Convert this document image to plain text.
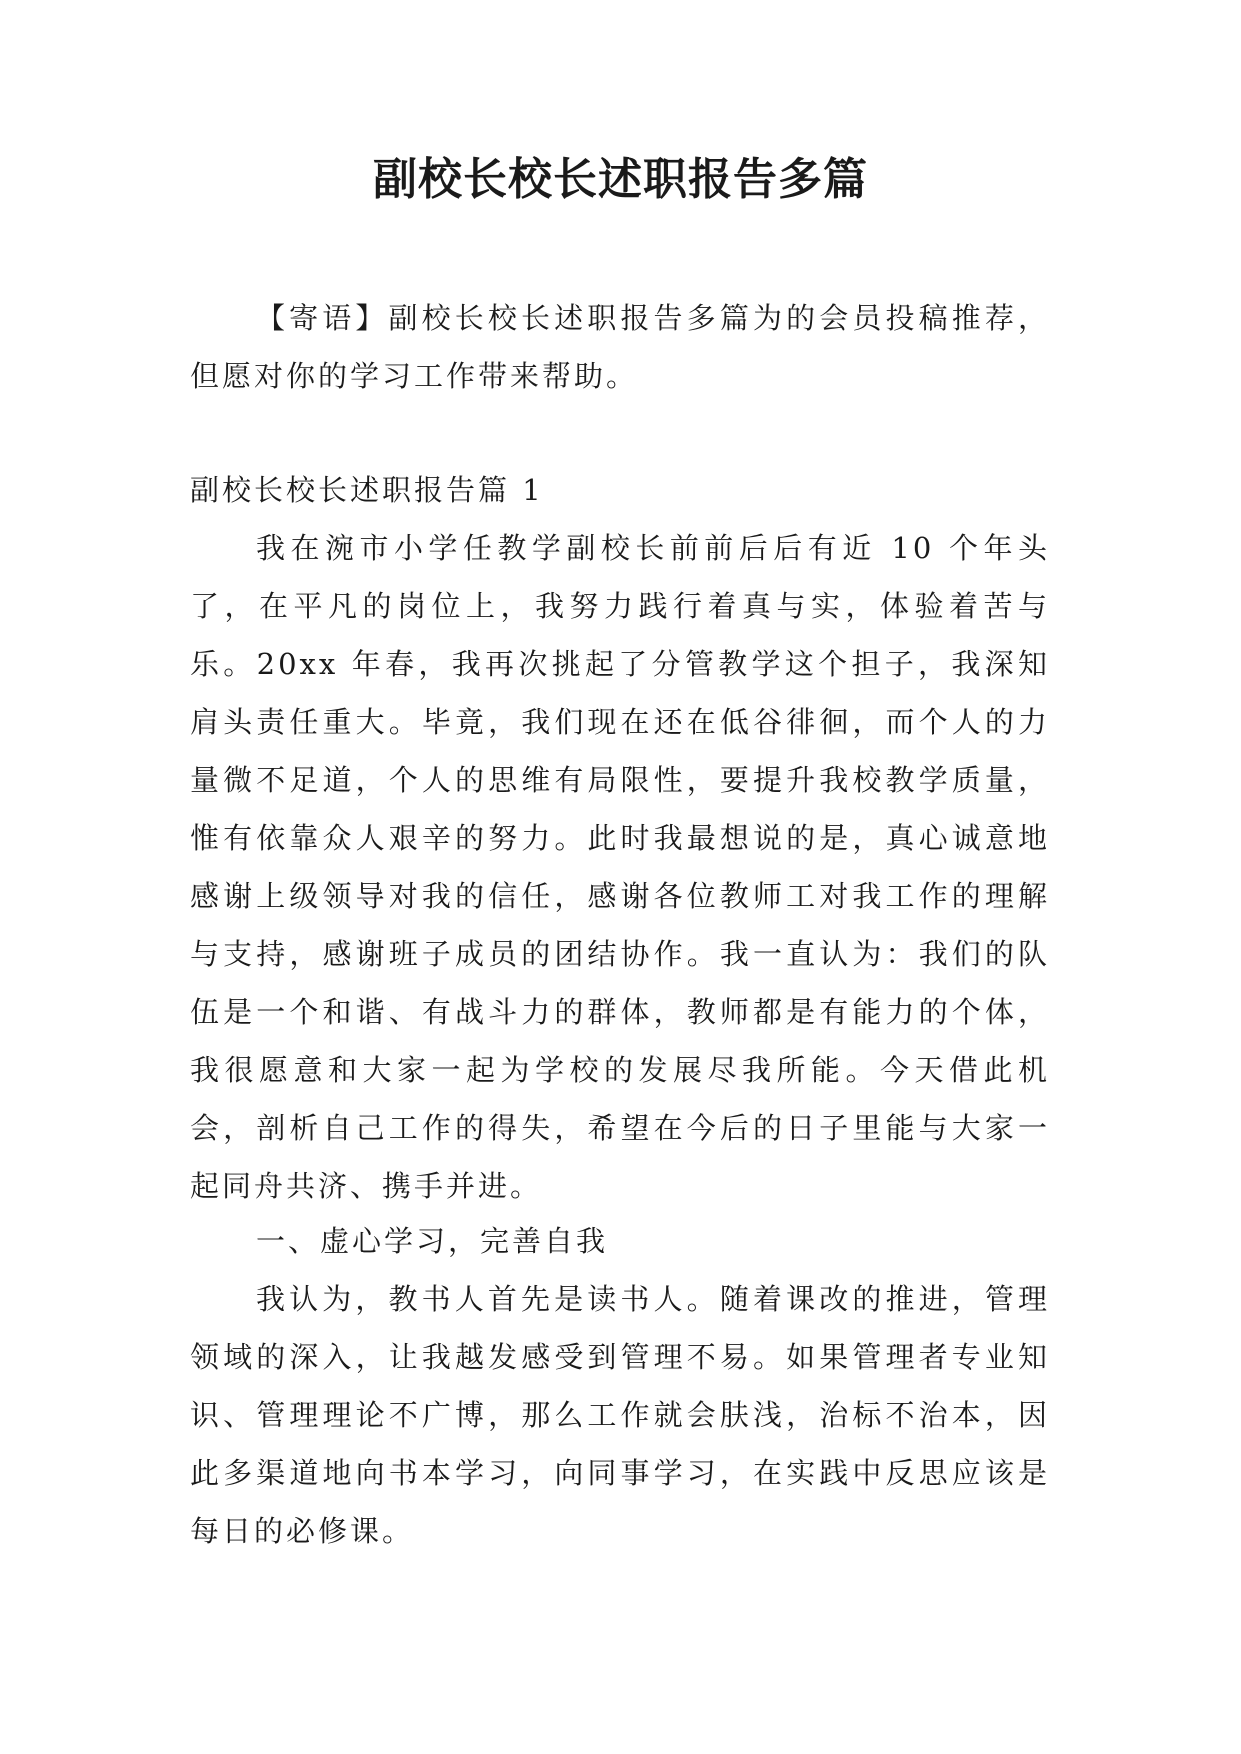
副校长校长述职报告多篇

【寄语】副校长校长述职报告多篇为的会员投稿推荐，但愿对你的学习工作带来帮助。

副校长校长述职报告篇 1

我在涴市小学任教学副校长前前后后有近 10 个年头了，在平凡的岗位上，我努力践行着真与实，体验着苦与乐。20xx 年春，我再次挑起了分管教学这个担子，我深知肩头责任重大。毕竟，我们现在还在低谷徘徊，而个人的力量微不足道，个人的思维有局限性，要提升我校教学质量，惟有依靠众人艰辛的努力。此时我最想说的是，真心诚意地感谢上级领导对我的信任，感谢各位教师工对我工作的理解与支持，感谢班子成员的团结协作。我一直认为：我们的队伍是一个和谐、有战斗力的群体，教师都是有能力的个体，我很愿意和大家一起为学校的发展尽我所能。今天借此机会，剖析自己工作的得失，希望在今后的日子里能与大家一起同舟共济、携手并进。

一、虚心学习，完善自我

我认为，教书人首先是读书人。随着课改的推进，管理领域的深入，让我越发感受到管理不易。如果管理者专业知识、管理理论不广博，那么工作就会肤浅，治标不治本，因此多渠道地向书本学习，向同事学习，在实践中反思应该是每日的必修课。
